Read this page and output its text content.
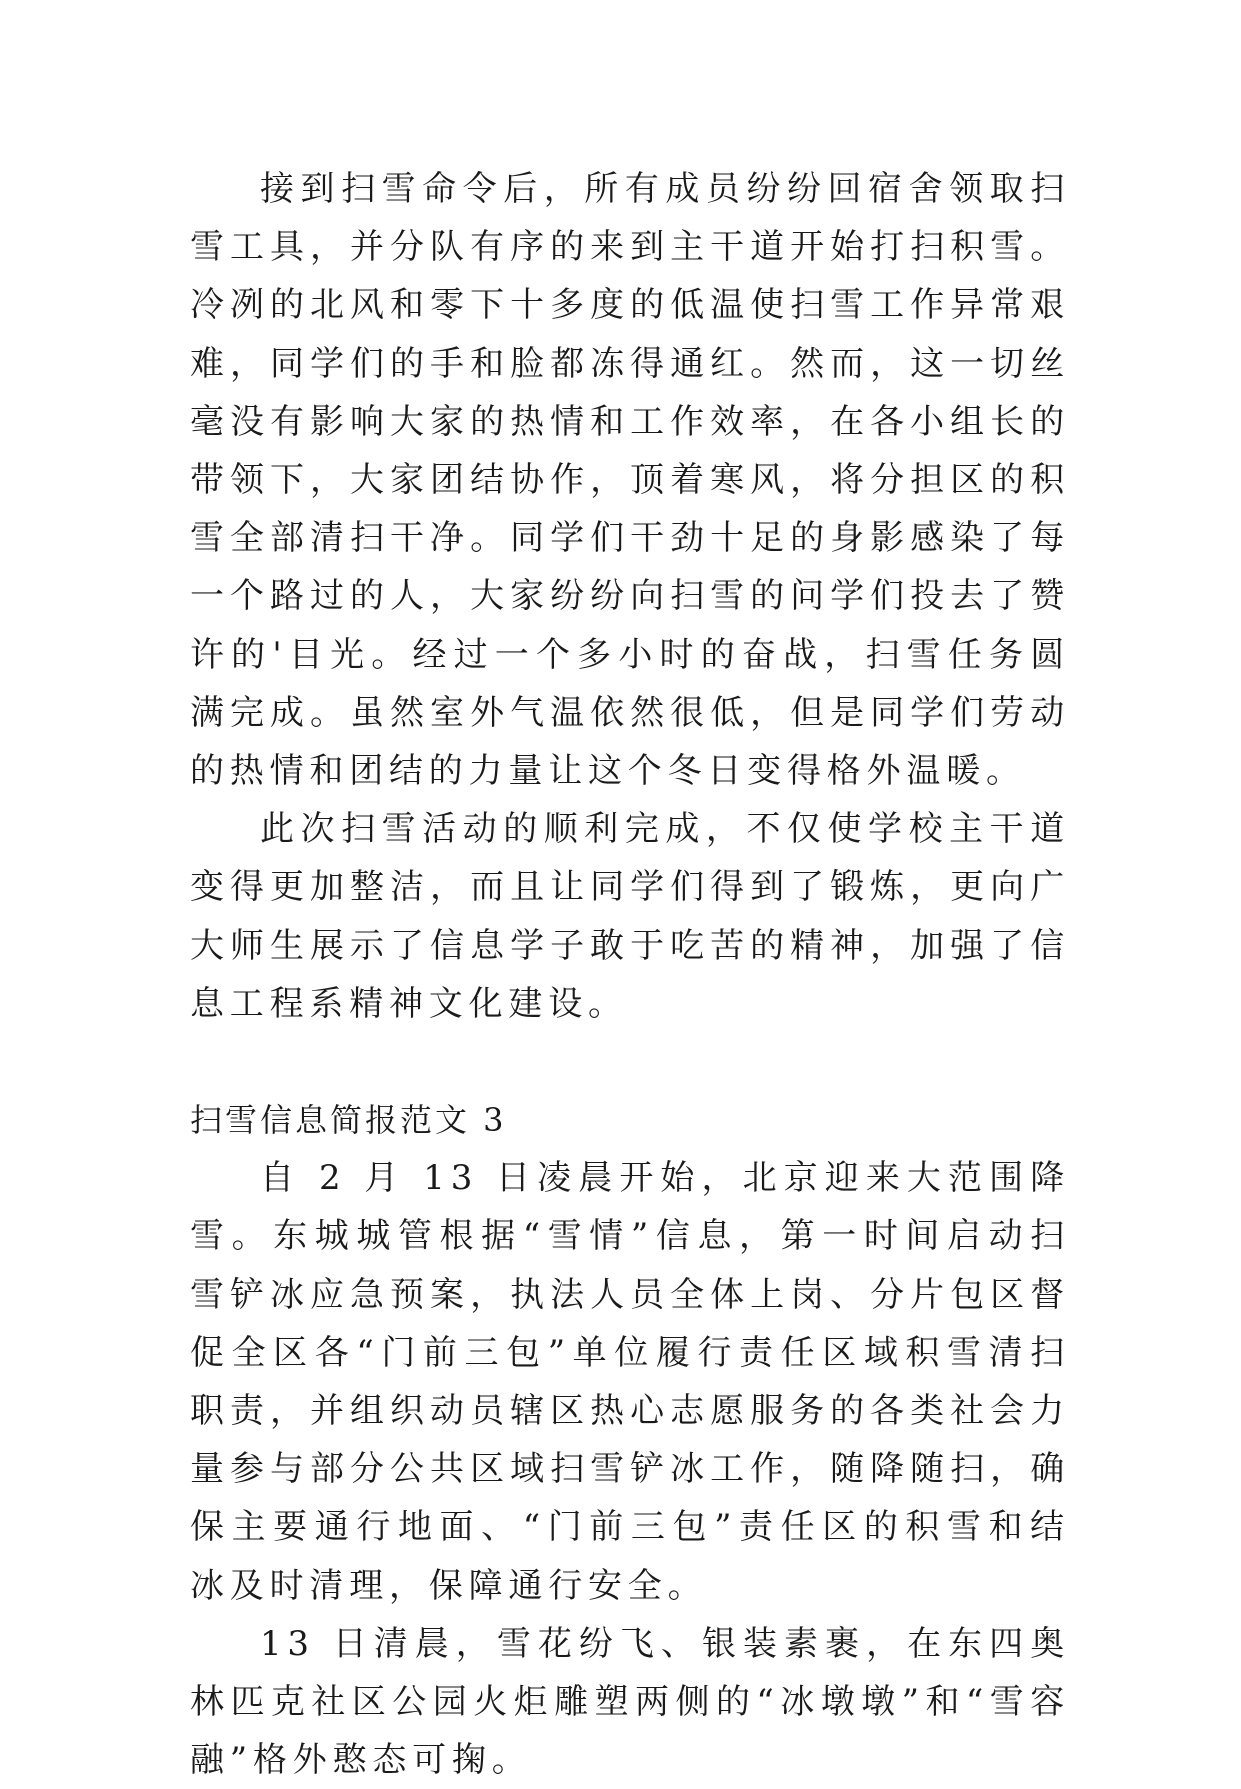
接到扫雪命令后，所有成员纷纷回宿舍领取扫雪工具，并分队有序的来到主干道开始打扫积雪。冷冽的北风和零下十多度的低温使扫雪工作异常艰难，同学们的手和脸都冻得通红。然而，这一切丝毫没有影响大家的热情和工作效率，在各小组长的带领下，大家团结协作，顶着寒风，将分担区的积雪全部清扫干净。同学们干劲十足的身影感染了每一个路过的人，大家纷纷向扫雪的问学们投去了赞许的'目光。经过一个多小时的奋战，扫雪任务圆满完成。虽然室外气温依然很低，但是同学们劳动的热情和团结的力量让这个冬日变得格外温暖。

此次扫雪活动的顺利完成，不仅使学校主干道变得更加整洁，而且让同学们得到了锻炼，更向广大师生展示了信息学子敢于吃苦的精神，加强了信息工程系精神文化建设。

扫雪信息简报范文 3

自 2 月 13 日凌晨开始，北京迎来大范围降雪。东城城管根据“雪情”信息，第一时间启动扫雪铲冰应急预案，执法人员全体上岗、分片包区督促全区各“门前三包”单位履行责任区域积雪清扫职责，并组织动员辖区热心志愿服务的各类社会力量参与部分公共区域扫雪铲冰工作，随降随扫，确保主要通行地面、“门前三包”责任区的积雪和结冰及时清理，保障通行安全。

13 日清晨，雪花纷飞、银装素裹，在东四奥林匹克社区公园火炬雕塑两侧的“冰墩墩”和“雪容融”格外憨态可掬。
